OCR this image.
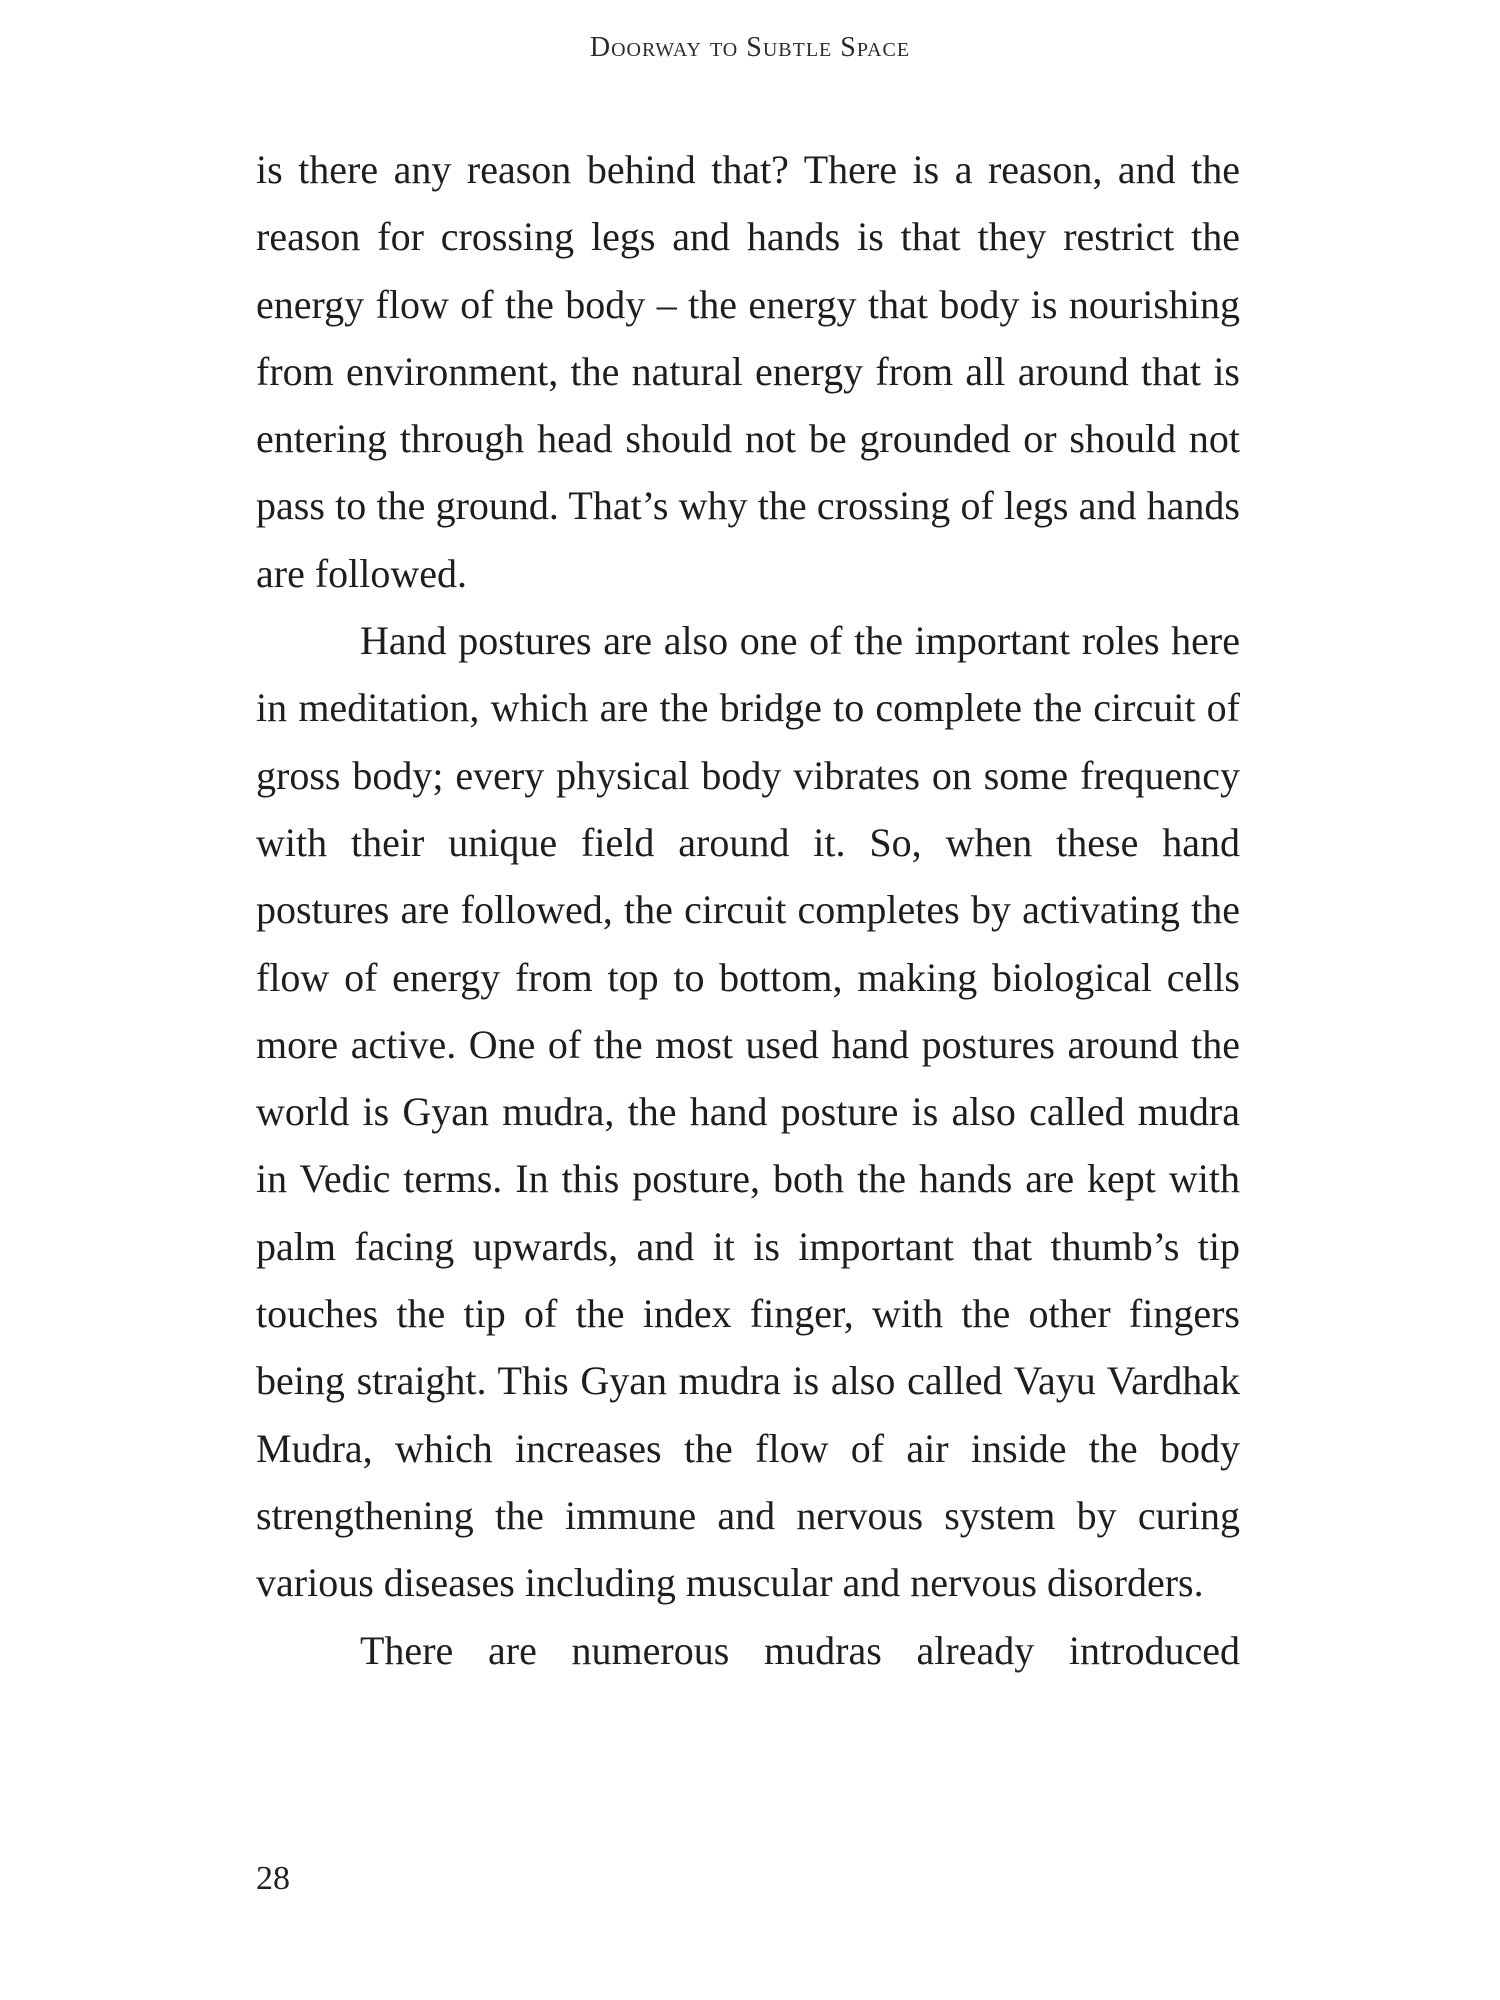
Doorway to Subtle Space

is there any reason behind that? There is a reason, and the reason for crossing legs and hands is that they restrict the energy flow of the body – the energy that body is nourishing from environment, the natural energy from all around that is entering through head should not be grounded or should not pass to the ground. That’s why the crossing of legs and hands are followed.

Hand postures are also one of the important roles here in meditation, which are the bridge to complete the circuit of gross body; every physical body vibrates on some frequency with their unique field around it. So, when these hand postures are followed, the circuit completes by activating the flow of energy from top to bottom, making biological cells more active. One of the most used hand postures around the world is Gyan mudra, the hand posture is also called mudra in Vedic terms. In this posture, both the hands are kept with palm facing upwards, and it is important that thumb’s tip touches the tip of the index finger, with the other fingers being straight. This Gyan mudra is also called Vayu Vardhak Mudra, which increases the flow of air inside the body strengthening the immune and nervous system by curing various diseases including muscular and nervous disorders.

There are numerous mudras already introduced

28
